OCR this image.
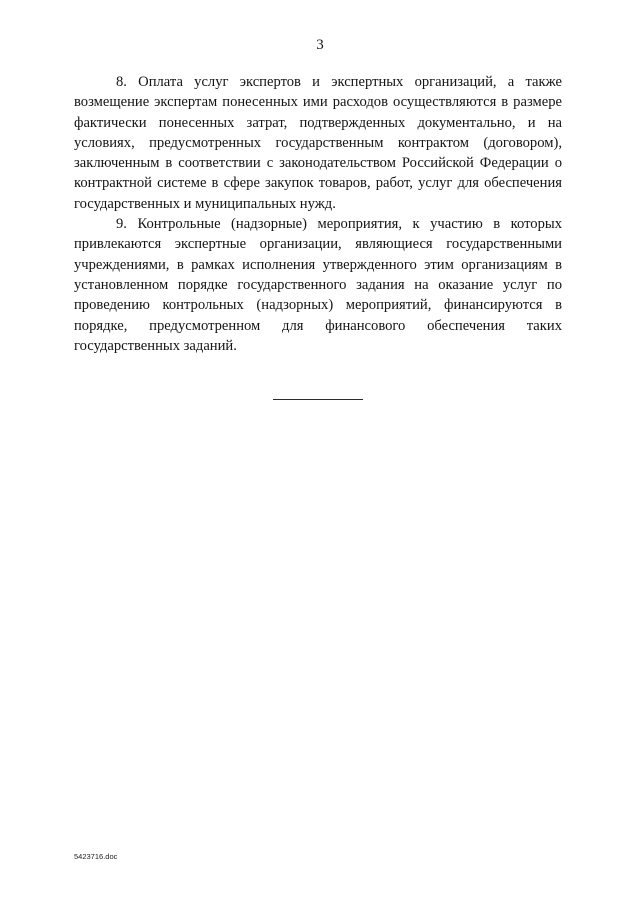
3

8. Оплата услуг экспертов и экспертных организаций, а также возмещение экспертам понесенных ими расходов осуществляются в размере фактически понесенных затрат, подтвержденных документально, и на условиях, предусмотренных государственным контрактом (договором), заключенным в соответствии с законодательством Российской Федерации о контрактной системе в сфере закупок товаров, работ, услуг для обеспечения государственных и муниципальных нужд.

9. Контрольные (надзорные) мероприятия, к участию в которых привлекаются экспертные организации, являющиеся государственными учреждениями, в рамках исполнения утвержденного этим организациям в установленном порядке государственного задания на оказание услуг по проведению контрольных (надзорных) мероприятий, финансируются в порядке, предусмотренном для финансового обеспечения таких государственных заданий.

5423716.doc
